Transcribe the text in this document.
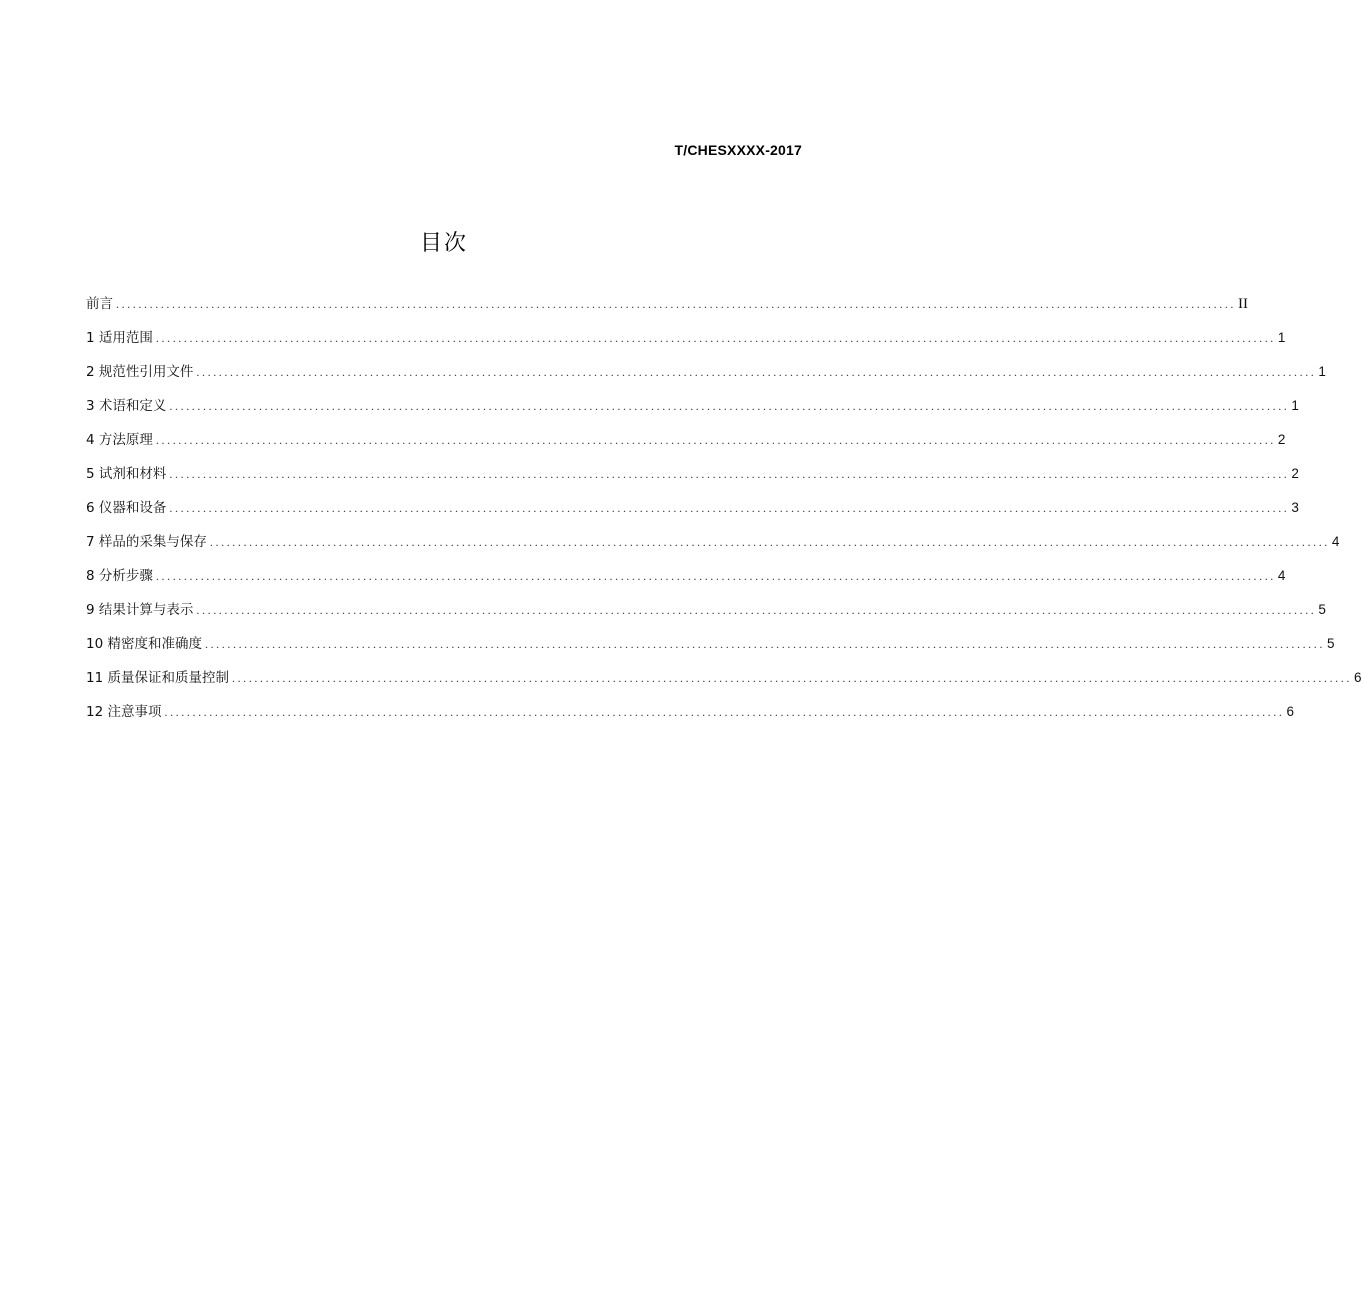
T/CHESXXXX-2017
目次
前言 ........................................................................................................................................................................................................ II
1 适用范围 ........................................................................................................................................................................................................ 1
2 规范性引用文件 ........................................................................................................................................................................................................ 1
3 术语和定义 ........................................................................................................................................................................................................ 1
4 方法原理 ........................................................................................................................................................................................................ 2
5 试剂和材料 ........................................................................................................................................................................................................ 2
6 仪器和设备 ........................................................................................................................................................................................................ 3
7 样品的采集与保存 ........................................................................................................................................................................................................ 4
8 分析步骤 ........................................................................................................................................................................................................ 4
9 结果计算与表示 ........................................................................................................................................................................................................ 5
10 精密度和准确度 ........................................................................................................................................................................................................ 5
11 质量保证和质量控制 ........................................................................................................................................................................................................ 6
12 注意事项 ........................................................................................................................................................................................................ 6
